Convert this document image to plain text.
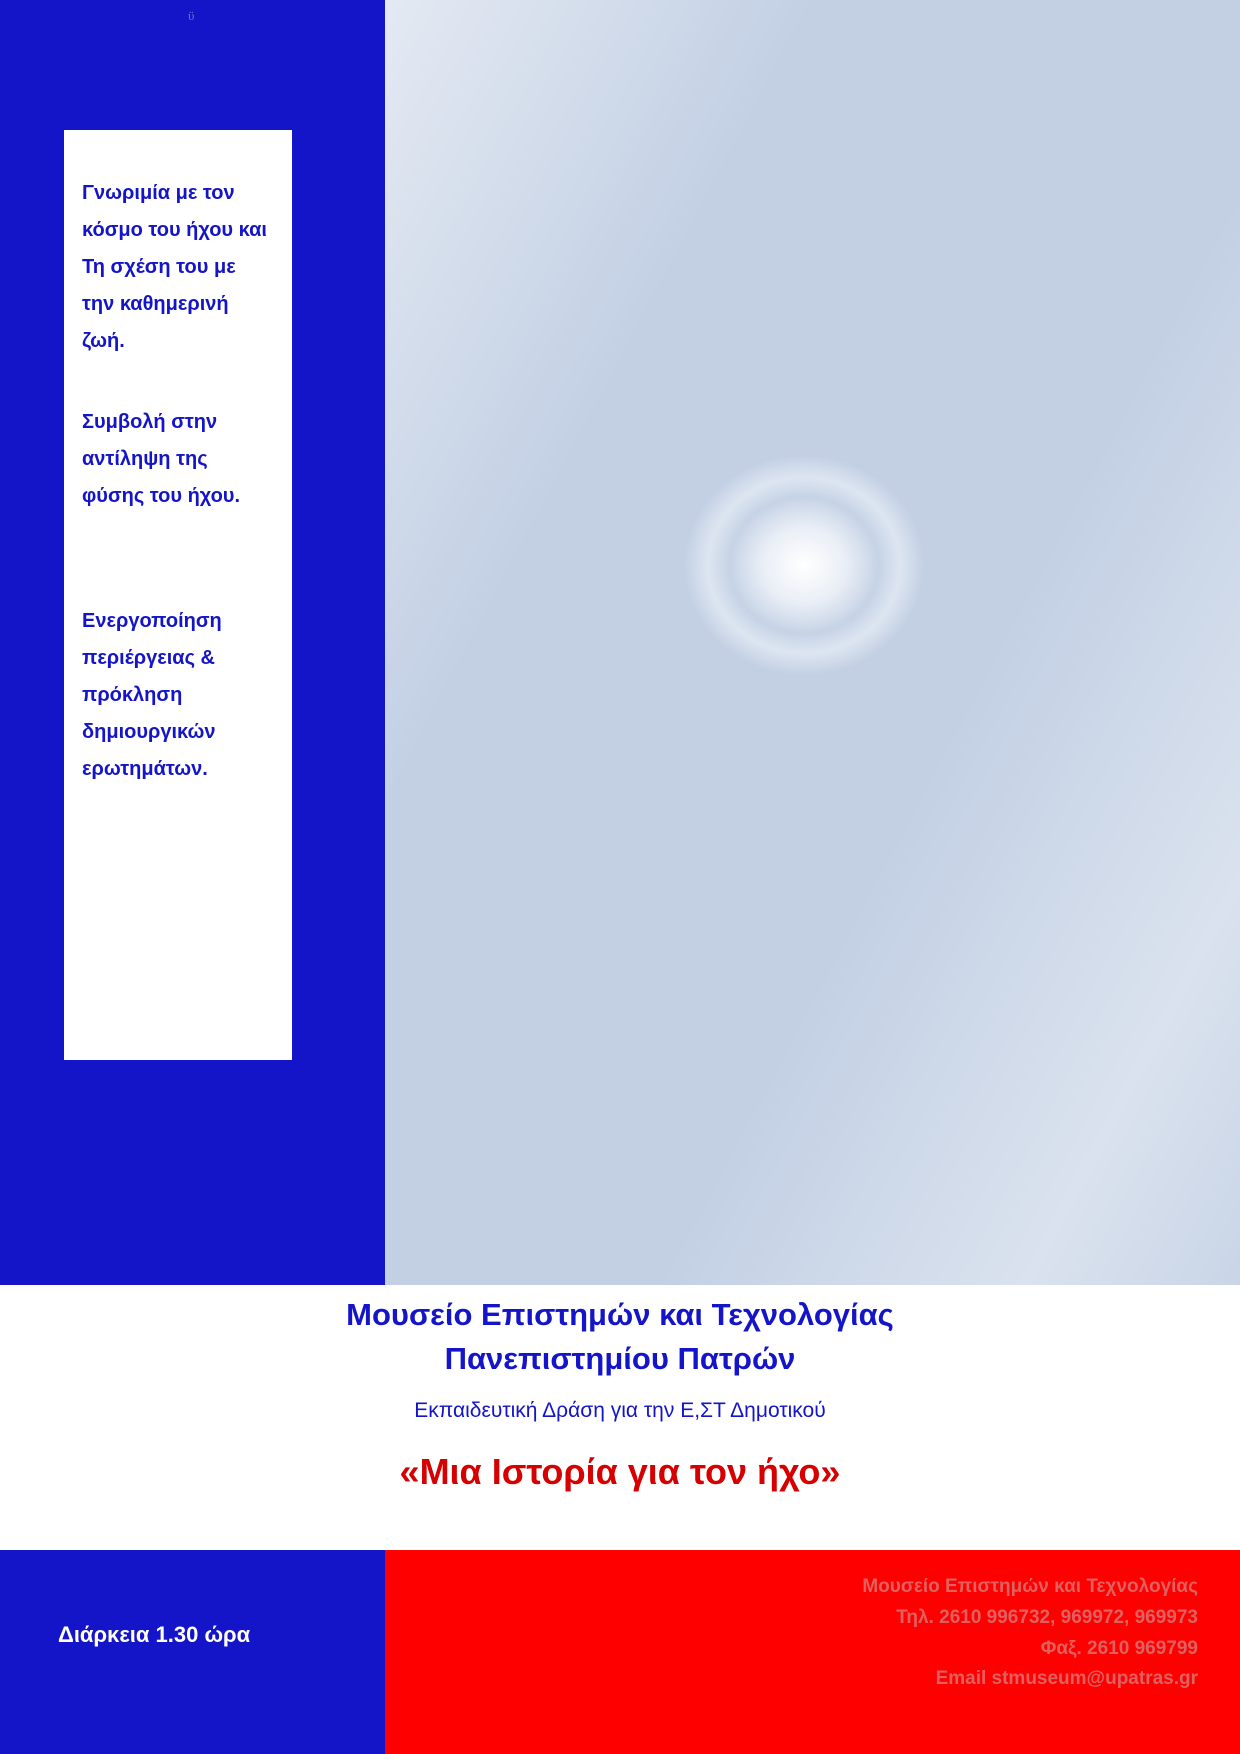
ϋ

Γνωριμία με τον κόσμο του ήχου και Τη σχέση του με την καθημερινή ζωή.

Συμβολή στην αντίληψη της φύσης του ήχου.

Ενεργοποίηση περιέργειας & πρόκληση δημιουργικών ερωτημάτων.

Μουσείο Επιστημών και Τεχνολογίας

Πανεπιστημίου Πατρών

Εκπαιδευτική Δράση για την Ε,ΣΤ Δημοτικού

«Μια Ιστορία για τον ήχο»

Διάρκεια 1.30 ώρα
Μουσείο Επιστημών και Τεχνολογίας
Τηλ. 2610 996732, 969972, 969973
Φαξ. 2610 969799
Email stmuseum@upatras.gr
